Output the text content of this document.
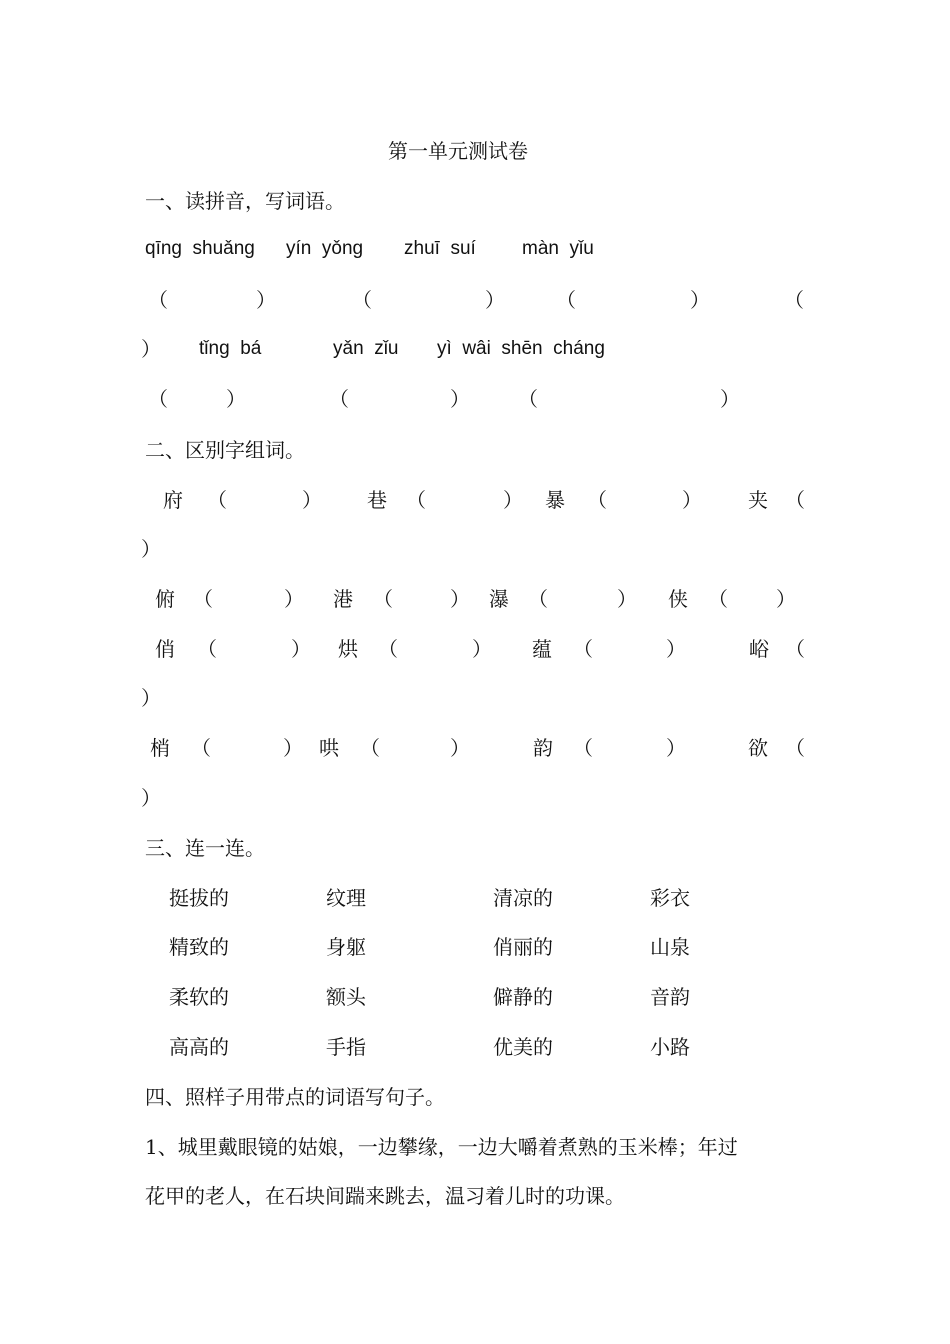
第一单元测试卷
一、读拼音，写词语。
qīng  shuǎng yín  yǒng zhuī  suí màn  yǐu
（	）	（	）	（	）	（
） tǐng  bá	yǎn  zǐu yì  wâi  shēn  cháng
（	）	（	） （	）
二、区别字组词。
府 （	） 巷 （	） 暴 （	） 夹 （
）
俯 （	） 港 （	） 瀑 （	） 侠 （ ）
俏 （	） 烘 （	） 蕴 （	）	峪 （
）
梢 （	） 哄 （	）	韵 （	）	欲 （
）
三、连一连。
挺拔的	纹理	清凉的	彩衣
精致的	身躯	俏丽的	山泉
柔软的	额头	僻静的	音韵
高高的	手指	优美的	小路
四、照样子用带点的词语写句子。
1、城里戴眼镜的姑娘，一边攀缘，一边大嚼着煮熟的玉米棒；年过
花甲的老人，在石块间踹来跳去，温习着儿时的功课。
